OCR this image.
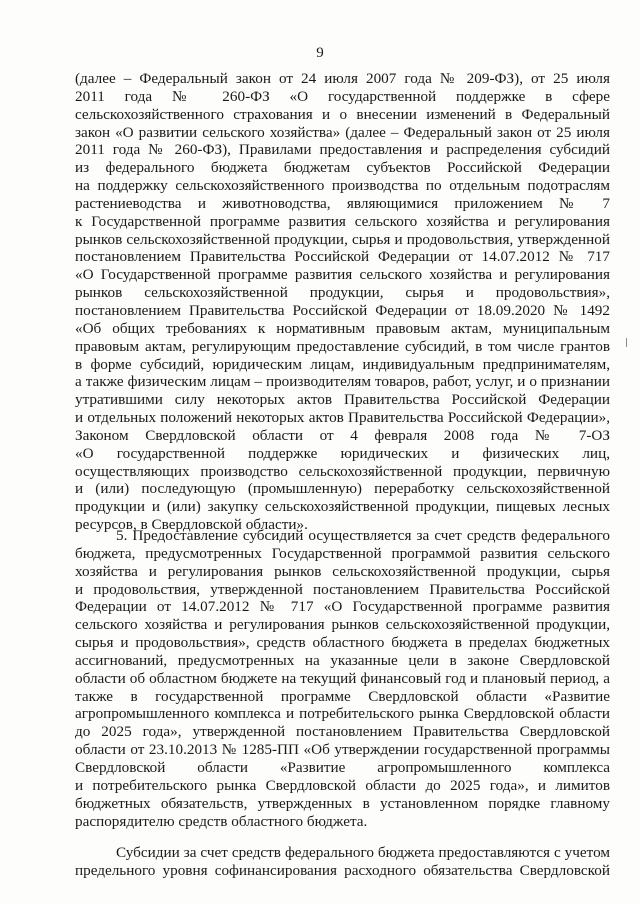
9
(далее – Федеральный закон от 24 июля 2007 года № 209-ФЗ), от 25 июля
2011 года № 260-ФЗ «О государственной поддержке в сфере
сельскохозяйственного страхования и о внесении изменений в Федеральный
закон «О развитии сельского хозяйства» (далее – Федеральный закон от 25 июля
2011 года № 260-ФЗ), Правилами предоставления и распределения субсидий
из федерального бюджета бюджетам субъектов Российской Федерации
на поддержку сельскохозяйственного производства по отдельным подотраслям
растениеводства и животноводства, являющимися приложением № 7
к Государственной программе развития сельского хозяйства и регулирования
рынков сельскохозяйственной продукции, сырья и продовольствия, утвержденной
постановлением Правительства Российской Федерации от 14.07.2012 № 717
«О Государственной программе развития сельского хозяйства и регулирования
рынков сельскохозяйственной продукции, сырья и продовольствия»,
постановлением Правительства Российской Федерации от 18.09.2020 № 1492
«Об общих требованиях к нормативным правовым актам, муниципальным
правовым актам, регулирующим предоставление субсидий, в том числе грантов
в форме субсидий, юридическим лицам, индивидуальным предпринимателям,
а также физическим лицам – производителям товаров, работ, услуг, и о признании
утратившими силу некоторых актов Правительства Российской Федерации
и отдельных положений некоторых актов Правительства Российской Федерации»,
Законом Свердловской области от 4 февраля 2008 года № 7-ОЗ
«О государственной поддержке юридических и физических лиц,
осуществляющих производство сельскохозяйственной продукции, первичную
и (или) последующую (промышленную) переработку сельскохозяйственной
продукции и (или) закупку сельскохозяйственной продукции, пищевых лесных
ресурсов, в Свердловской области».
5. Предоставление субсидий осуществляется за счет средств федерального
бюджета, предусмотренных Государственной программой развития сельского
хозяйства и регулирования рынков сельскохозяйственной продукции, сырья
и продовольствия, утвержденной постановлением Правительства Российской
Федерации от 14.07.2012 № 717 «О Государственной программе развития
сельского хозяйства и регулирования рынков сельскохозяйственной продукции,
сырья и продовольствия», средств областного бюджета в пределах бюджетных
ассигнований, предусмотренных на указанные цели в законе Свердловской
области об областном бюджете на текущий финансовый год и плановый период, а
также в государственной программе Свердловской области «Развитие
агропромышленного комплекса и потребительского рынка Свердловской области
до 2025 года», утвержденной постановлением Правительства Свердловской
области от 23.10.2013 № 1285-ПП «Об утверждении государственной программы
Свердловской области «Развитие агропромышленного комплекса
и потребительского рынка Свердловской области до 2025 года», и лимитов
бюджетных обязательств, утвержденных в установленном порядке главному
распорядителю средств областного бюджета.
Субсидии за счет средств федерального бюджета предоставляются с учетом
предельного уровня софинансирования расходного обязательства Свердловской
